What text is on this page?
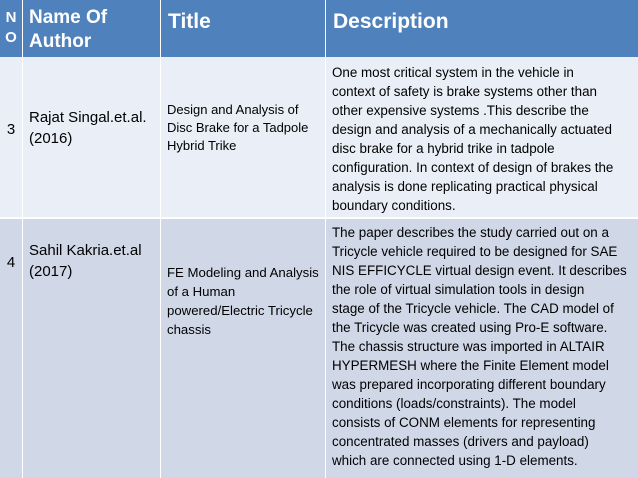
N
O
Name Of Author
Title	Description
3
Rajat Singal.et.al. (2016)
Design and Analysis of Disc Brake for a Tadpole Hybrid Trike
One most critical system in the vehicle in
context of safety is brake systems other than
other expensive systems .This describe the
design and analysis of a mechanically actuated
disc brake for a hybrid trike in tadpole
configuration. In context of design of brakes the
analysis is done replicating practical physical
boundary conditions.
4
Sahil Kakria.et.al (2017)	FE Modeling and Analysis of a Human powered/Electric Tricycle chassis
The paper describes the study carried out on a
Tricycle vehicle required to be designed for SAE
NIS EFFICYCLE virtual design event. It describes
the role of virtual simulation tools in design
stage of the Tricycle vehicle. The CAD model of
the Tricycle was created using Pro-E software.
The chassis structure was imported in ALTAIR
HYPERMESH where the Finite Element model
was prepared incorporating different boundary
conditions (loads/constraints). The model
consists of CONM elements for representing
concentrated masses (drivers and payload)
which are connected using 1-D elements.
